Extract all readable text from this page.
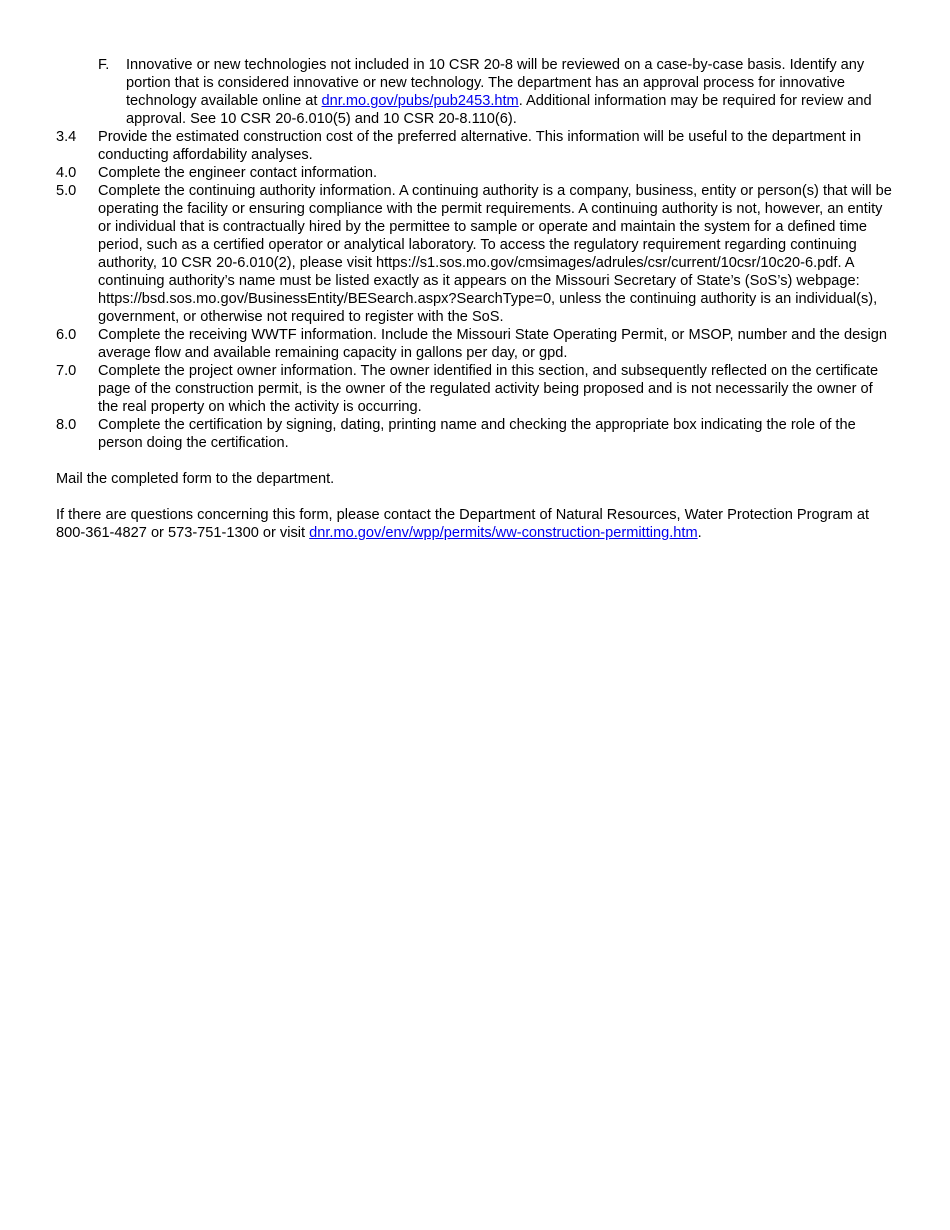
F.	Innovative or new technologies not included in 10 CSR 20-8 will be reviewed on a case-by-case basis. Identify any portion that is considered innovative or new technology. The department has an approval process for innovative technology available online at dnr.mo.gov/pubs/pub2453.htm. Additional information may be required for review and approval. See 10 CSR 20-6.010(5) and 10 CSR 20-8.110(6).
3.4	Provide the estimated construction cost of the preferred alternative. This information will be useful to the department in conducting affordability analyses.
4.0	Complete the engineer contact information.
5.0	Complete the continuing authority information. A continuing authority is a company, business, entity or person(s) that will be operating the facility or ensuring compliance with the permit requirements. A continuing authority is not, however, an entity or individual that is contractually hired by the permittee to sample or operate and maintain the system for a defined time period, such as a certified operator or analytical laboratory. To access the regulatory requirement regarding continuing authority, 10 CSR 20-6.010(2), please visit https://s1.sos.mo.gov/cmsimages/adrules/csr/current/10csr/10c20-6.pdf. A continuing authority’s name must be listed exactly as it appears on the Missouri Secretary of State’s (SoS’s) webpage: https://bsd.sos.mo.gov/BusinessEntity/BESearch.aspx?SearchType=0, unless the continuing authority is an individual(s), government, or otherwise not required to register with the SoS.
6.0	Complete the receiving WWTF information. Include the Missouri State Operating Permit, or MSOP, number and the design average flow and available remaining capacity in gallons per day, or gpd.
7.0	Complete the project owner information. The owner identified in this section, and subsequently reflected on the certificate page of the construction permit, is the owner of the regulated activity being proposed and is not necessarily the owner of the real property on which the activity is occurring.
8.0	Complete the certification by signing, dating, printing name and checking the appropriate box indicating the role of the person doing the certification.

Mail the completed form to the department.

If there are questions concerning this form, please contact the Department of Natural Resources, Water Protection Program at 800-361-4827 or 573-751-1300 or visit dnr.mo.gov/env/wpp/permits/ww-construction-permitting.htm.
